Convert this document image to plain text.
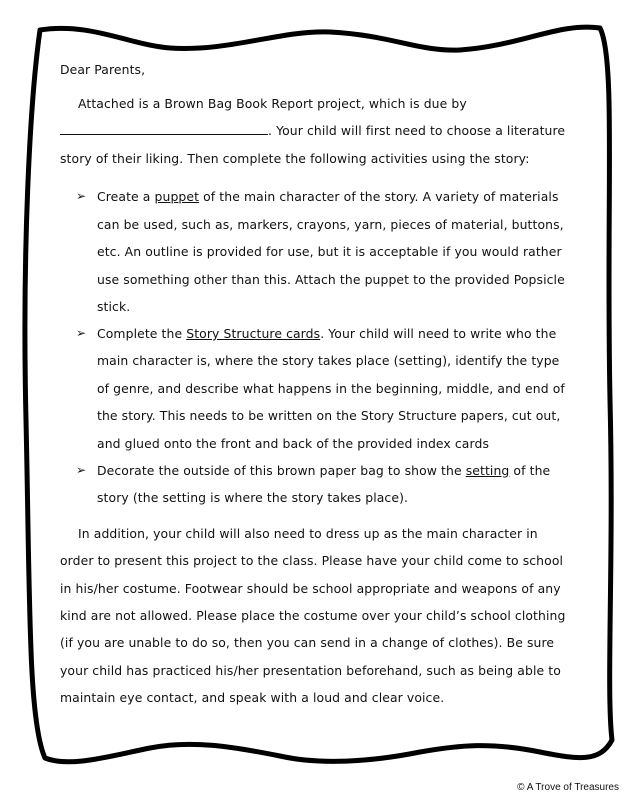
Dear Parents,
Attached is a Brown Bag Book Report project, which is due by
. Your child will first need to choose a literature
story of their liking. Then complete the following activities using the story:
➢ Create a puppet of the main character of the story. A variety of materials
can be used, such as, markers, crayons, yarn, pieces of material, buttons,
etc. An outline is provided for use, but it is acceptable if you would rather
use something other than this. Attach the puppet to the provided Popsicle
stick.
➢ Complete the Story Structure cards. Your child will need to write who the
main character is, where the story takes place (setting), identify the type
of genre, and describe what happens in the beginning, middle, and end of
the story. This needs to be written on the Story Structure papers, cut out,
and glued onto the front and back of the provided index cards
➢ Decorate the outside of this brown paper bag to show the setting of the
story (the setting is where the story takes place).
In addition, your child will also need to dress up as the main character in
order to present this project to the class. Please have your child come to school
in his/her costume. Footwear should be school appropriate and weapons of any
kind are not allowed. Please place the costume over your child’s school clothing
(if you are unable to do so, then you can send in a change of clothes). Be sure
your child has practiced his/her presentation beforehand, such as being able to
maintain eye contact, and speak with a loud and clear voice.
© A Trove of Treasures
